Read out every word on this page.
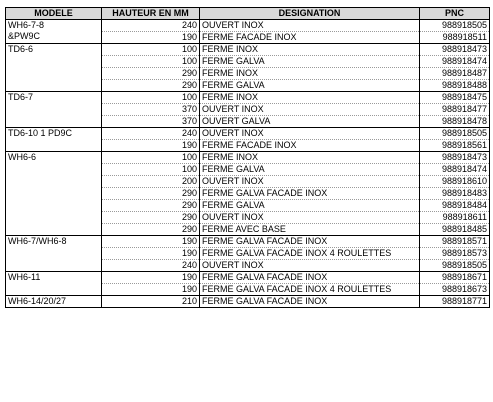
MODELE	HAUTEUR EN MM	DESIGNATION	PNC

WH6-7-8
&PW9C	240	OUVERT INOX	988918505
	190	FERME FACADE INOX	988918511

TD6-6	100	FERME INOX	988918473
	100	FERME GALVA	988918474
	290	FERME INOX	988918487
	290	FERME GALVA	988918488

TD6-7	100	FERME INOX	988918475
	370	OUVERT INOX	988918477
	370	OUVERT GALVA	988918478

TD6-10 1 PD9C	240	OUVERT INOX	988918505
	190	FERME FACADE INOX	988918561

WH6-6	100	FERME INOX	988918473
	100	FERME GALVA	988918474
	200	OUVERT INOX	988918610
	290	FERME GALVA FACADE INOX	988918483
	290	FERME GALVA	988918484
	290	OUVERT INOX	988918611
	290	FERME AVEC BASE	988918485

WH6-7/WH6-8	190	FERME GALVA FACADE INOX	988918571
	190	FERME GALVA FACADE INOX 4 ROULETTES	988918573
	240	OUVERT INOX	988918505

WH6-11	190	FERME GALVA FACADE INOX	988918671
	190	FERME GALVA FACADE INOX 4 ROULETTES	988918673

WH6-14/20/27	210	FERME GALVA FACADE INOX	988918771
